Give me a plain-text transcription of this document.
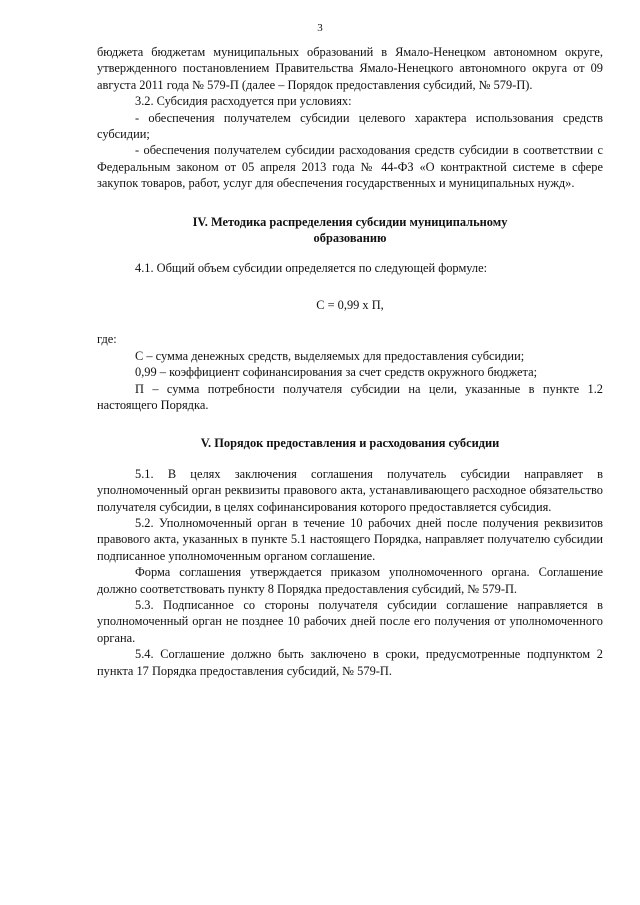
3

бюджета бюджетам муниципальных образований в Ямало-Ненецком автономном округе, утвержденного постановлением Правительства Ямало-Ненецкого автономного округа от 09 августа 2011 года № 579-П (далее – Порядок предоставления субсидий, № 579-П).

3.2. Субсидия расходуется при условиях:

- обеспечения получателем субсидии целевого характера использования средств субсидии;

- обеспечения получателем субсидии расходования средств субсидии в соответствии с Федеральным законом от 05 апреля 2013 года № 44-ФЗ «О контрактной системе в сфере закупок товаров, работ, услуг для обеспечения государственных и муниципальных нужд».

IV. Методика распределения субсидии муниципальному

образованию

4.1. Общий объем субсидии определяется по следующей формуле:

С = 0,99 х П,

где:

С – сумма денежных средств, выделяемых для предоставления субсидии;

0,99 – коэффициент софинансирования за счет средств окружного бюджета;

П – сумма потребности получателя субсидии на цели, указанные в пункте 1.2 настоящего Порядка.

V. Порядок предоставления и расходования субсидии

5.1. В целях заключения соглашения получатель субсидии направляет в уполномоченный орган реквизиты правового акта, устанавливающего расходное обязательство получателя субсидии, в целях софинансирования которого предоставляется субсидия.

5.2. Уполномоченный орган в течение 10 рабочих дней после получения реквизитов правового акта, указанных в пункте 5.1 настоящего Порядка, направляет получателю субсидии подписанное уполномоченным органом соглашение.

Форма соглашения утверждается приказом уполномоченного органа. Соглашение должно соответствовать пункту 8 Порядка предоставления субсидий, № 579-П.

5.3. Подписанное со стороны получателя субсидии соглашение направляется в уполномоченный орган не позднее 10 рабочих дней после его получения от уполномоченного органа.

5.4. Соглашение должно быть заключено в сроки, предусмотренные подпунктом 2 пункта 17 Порядка предоставления субсидий, № 579-П.
